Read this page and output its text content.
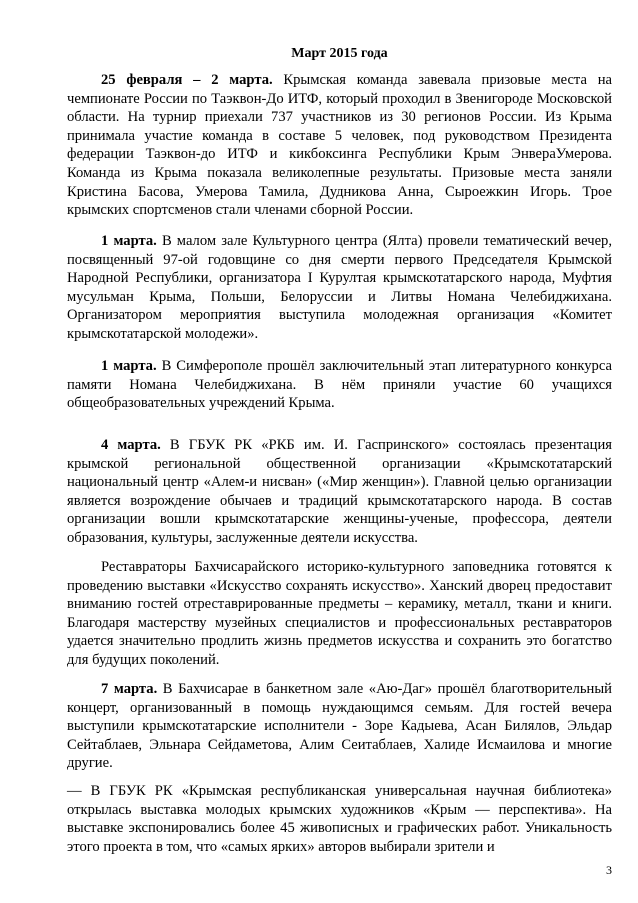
Март 2015 года

25 февраля – 2 марта. Крымская команда завевала призовые места на чемпионате России по Таэквон-До ИТФ, который проходил в Звенигороде Московской области. На турнир приехали 737 участников из 30 регионов России. Из Крыма принимала участие команда в составе 5 человек, под руководством Президента федерации Таэквон-до ИТФ и кикбоксинга Республики Крым ЭнвераУмерова. Команда из Крыма показала великолепные результаты. Призовые места заняли Кристина Басова, Умерова Тамила, Дудникова Анна, Сыроежкин Игорь. Трое крымских спортсменов стали членами сборной России.

1 марта. В малом зале Культурного центра (Ялта) провели тематический вечер, посвященный 97-ой годовщине со дня смерти первого Председателя Крымской Народной Республики, организатора I Курултая крымскотатарского народа, Муфтия мусульман Крыма, Польши, Белоруссии и Литвы Номана Челебиджихана. Организатором мероприятия выступила молодежная организация «Комитет крымскотатарской молодежи».

1 марта. В Симферополе прошёл заключительный этап литературного конкурса памяти Номана Челебиджихана. В нём приняли участие 60 учащихся общеобразовательных учреждений Крыма.

4 марта. В ГБУК РК «РКБ им. И. Гаспринского» состоялась презентация крымской региональной общественной организации «Крымскотатарский национальный центр «Алем-и нисван» («Мир женщин»). Главной целью организации является возрождение обычаев и традиций крымскотатарского народа. В состав организации вошли крымскотатарские женщины-ученые, профессора, деятели образования, культуры, заслуженные деятели искусства.

Реставраторы Бахчисарайского историко-культурного заповедника готовятся к проведению выставки «Искусство сохранять искусство». Ханский дворец предоставит вниманию гостей отреставрированные предметы – керамику, металл, ткани и книги. Благодаря мастерству музейных специалистов и профессиональных реставраторов удается значительно продлить жизнь предметов искусства и сохранить это богатство для будущих поколений.

7 марта. В Бахчисарае в банкетном зале «Аю-Даг» прошёл благотворительный концерт, организованный в помощь нуждающимся семьям. Для гостей вечера выступили крымскотатарские исполнители - Зоре Кадыева, Асан Билялов, Эльдар Сейтаблаев, Эльнара Сейдаметова, Алим Сеитаблаев, Халиде Исмаилова и многие другие.

— В ГБУК РК «Крымская республиканская универсальная научная библиотека» открылась выставка молодых крымских художников «Крым — перспектива». На выставке экспонировались более 45 живописных и графических работ. Уникальность этого проекта в том, что «самых ярких» авторов выбирали зрители и

3
